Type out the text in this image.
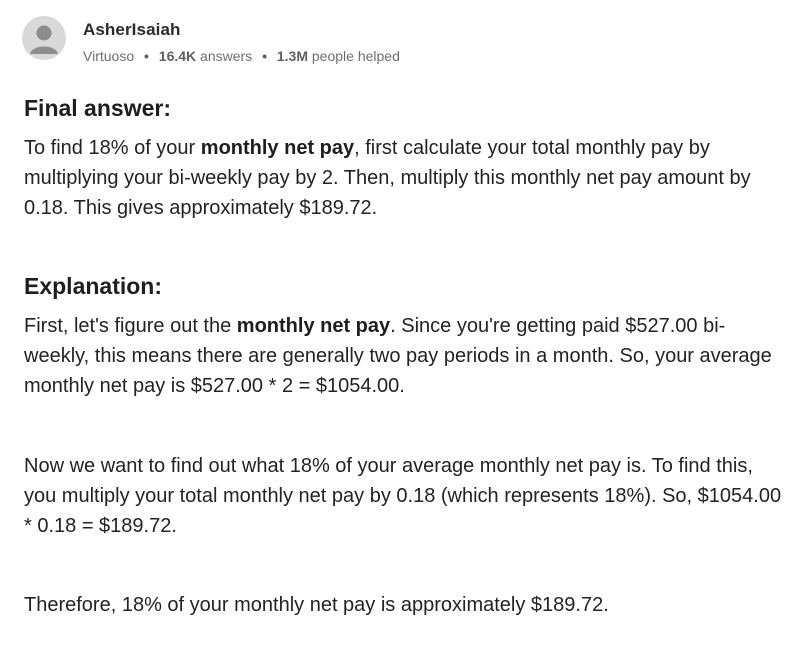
AsherIsaiah
Virtuoso • 16.4K answers • 1.3M people helped
Final answer:
To find 18% of your monthly net pay, first calculate your total monthly pay by multiplying your bi-weekly pay by 2. Then, multiply this monthly net pay amount by 0.18. This gives approximately $189.72.
Explanation:
First, let's figure out the monthly net pay. Since you're getting paid $527.00 bi-weekly, this means there are generally two pay periods in a month. So, your average monthly net pay is $527.00 * 2 = $1054.00.
Now we want to find out what 18% of your average monthly net pay is. To find this, you multiply your total monthly net pay by 0.18 (which represents 18%). So, $1054.00 * 0.18 = $189.72.
Therefore, 18% of your monthly net pay is approximately $189.72.
